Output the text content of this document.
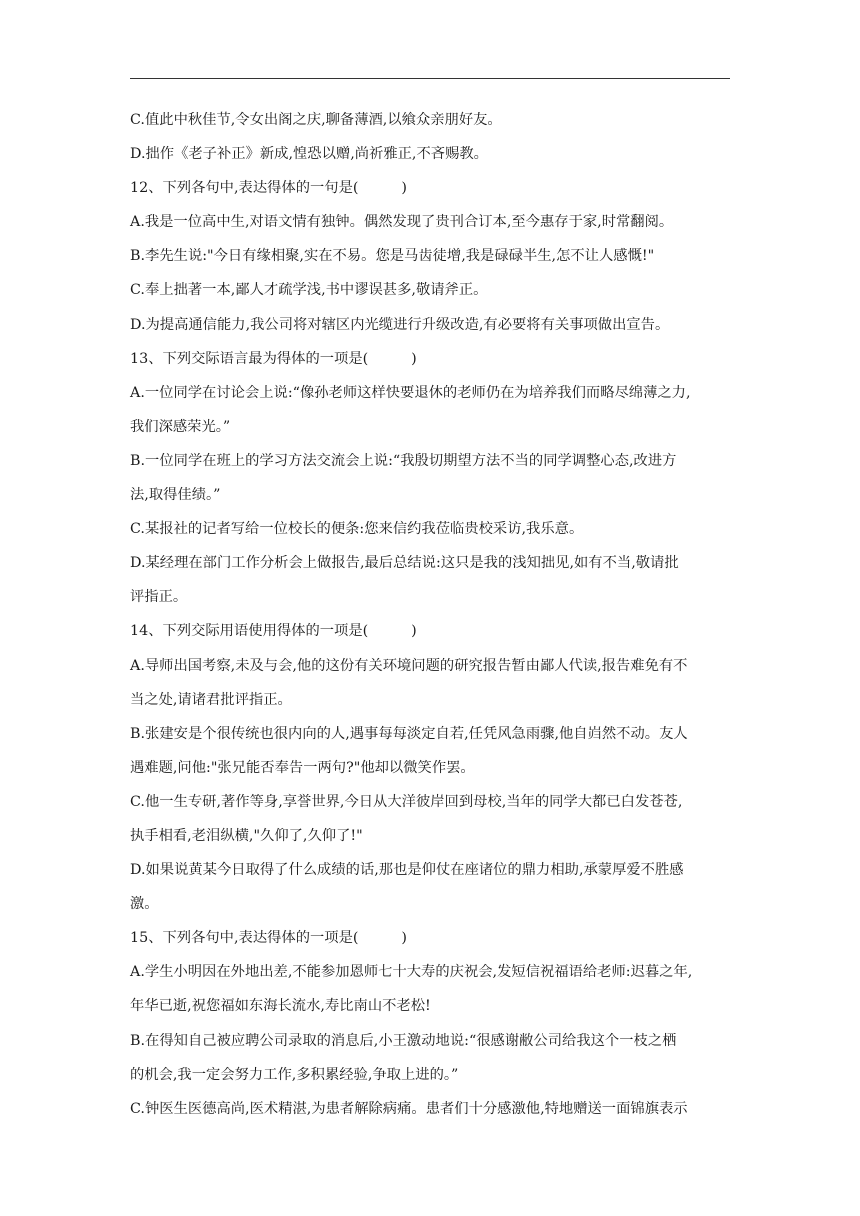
C.值此中秋佳节,令女出阁之庆,聊备薄酒,以飨众亲朋好友。
D.拙作《老子补正》新成,惶恐以赠,尚祈雅正,不吝赐教。
12、下列各句中,表达得体的一句是(　　　)
A.我是一位高中生,对语文情有独钟。偶然发现了贵刊合订本,至今惠存于家,时常翻阅。
B.李先生说:"今日有缘相聚,实在不易。您是马齿徒增,我是碌碌半生,怎不让人感慨!"
C.奉上拙著一本,鄙人才疏学浅,书中谬误甚多,敬请斧正。
D.为提高通信能力,我公司将对辖区内光缆进行升级改造,有必要将有关事项做出宣告。
13、下列交际语言最为得体的一项是(　　　)
A.一位同学在讨论会上说:“像孙老师这样快要退休的老师仍在为培养我们而略尽绵薄之力,
我们深感荣光。”
B.一位同学在班上的学习方法交流会上说:“我殷切期望方法不当的同学调整心态,改进方
法,取得佳绩。”
C.某报社的记者写给一位校长的便条:您来信约我莅临贵校采访,我乐意。
D.某经理在部门工作分析会上做报告,最后总结说:这只是我的浅知拙见,如有不当,敬请批
评指正。
14、下列交际用语使用得体的一项是(　　　)
A.导师出国考察,未及与会,他的这份有关环境问题的研究报告暂由鄙人代读,报告难免有不
当之处,请诸君批评指正。
B.张建安是个很传统也很内向的人,遇事每每淡定自若,任凭风急雨骤,他自岿然不动。友人
遇难题,问他:"张兄能否奉告一两句?"他却以微笑作罢。
C.他一生专研,著作等身,享誉世界,今日从大洋彼岸回到母校,当年的同学大都已白发苍苍,
执手相看,老泪纵横,"久仰了,久仰了!"
D.如果说黄某今日取得了什么成绩的话,那也是仰仗在座诸位的鼎力相助,承蒙厚爱不胜感
激。
15、下列各句中,表达得体的一项是(　　　)
A.学生小明因在外地出差,不能参加恩师七十大寿的庆祝会,发短信祝福语给老师:迟暮之年,
年华已逝,祝您福如东海长流水,寿比南山不老松!
B.在得知自己被应聘公司录取的消息后,小王激动地说:“很感谢敝公司给我这个一枝之栖
的机会,我一定会努力工作,多积累经验,争取上进的。”
C.钟医生医德高尚,医术精湛,为患者解除病痛。患者们十分感激他,特地赠送一面锦旗表示
